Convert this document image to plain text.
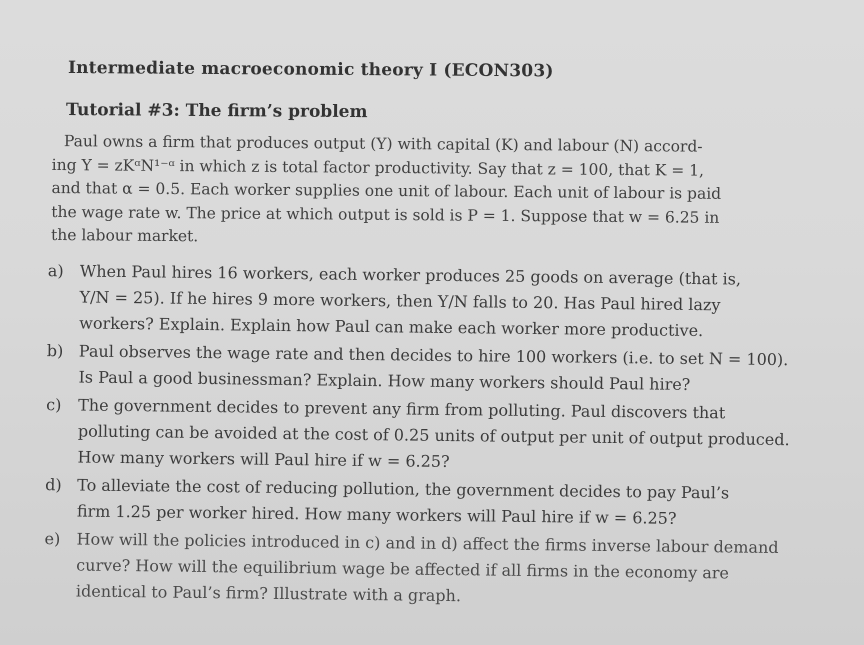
Intermediate macroeconomic theory I (ECON303)
Tutorial #3: The firm’s problem
Paul owns a firm that produces output (Y) with capital (K) and labour (N) accord-
ing Y = zKᵅN¹⁻ᵅ in which z is total factor productivity. Say that z = 100, that K = 1,
and that α = 0.5. Each worker supplies one unit of labour. Each unit of labour is paid
the wage rate w. The price at which output is sold is P = 1. Suppose that w = 6.25 in
the labour market.
a) When Paul hires 16 workers, each worker produces 25 goods on average (that is,
Y/N = 25). If he hires 9 more workers, then Y/N falls to 20. Has Paul hired lazy
workers? Explain. Explain how Paul can make each worker more productive.
b) Paul observes the wage rate and then decides to hire 100 workers (i.e. to set N = 100).
Is Paul a good businessman? Explain. How many workers should Paul hire?
c) The government decides to prevent any firm from polluting. Paul discovers that
polluting can be avoided at the cost of 0.25 units of output per unit of output produced.
How many workers will Paul hire if w = 6.25?
d) To alleviate the cost of reducing pollution, the government decides to pay Paul’s
firm 1.25 per worker hired. How many workers will Paul hire if w = 6.25?
e) How will the policies introduced in c) and in d) affect the firms inverse labour demand
curve? How will the equilibrium wage be affected if all firms in the economy are
identical to Paul’s firm? Illustrate with a graph.
